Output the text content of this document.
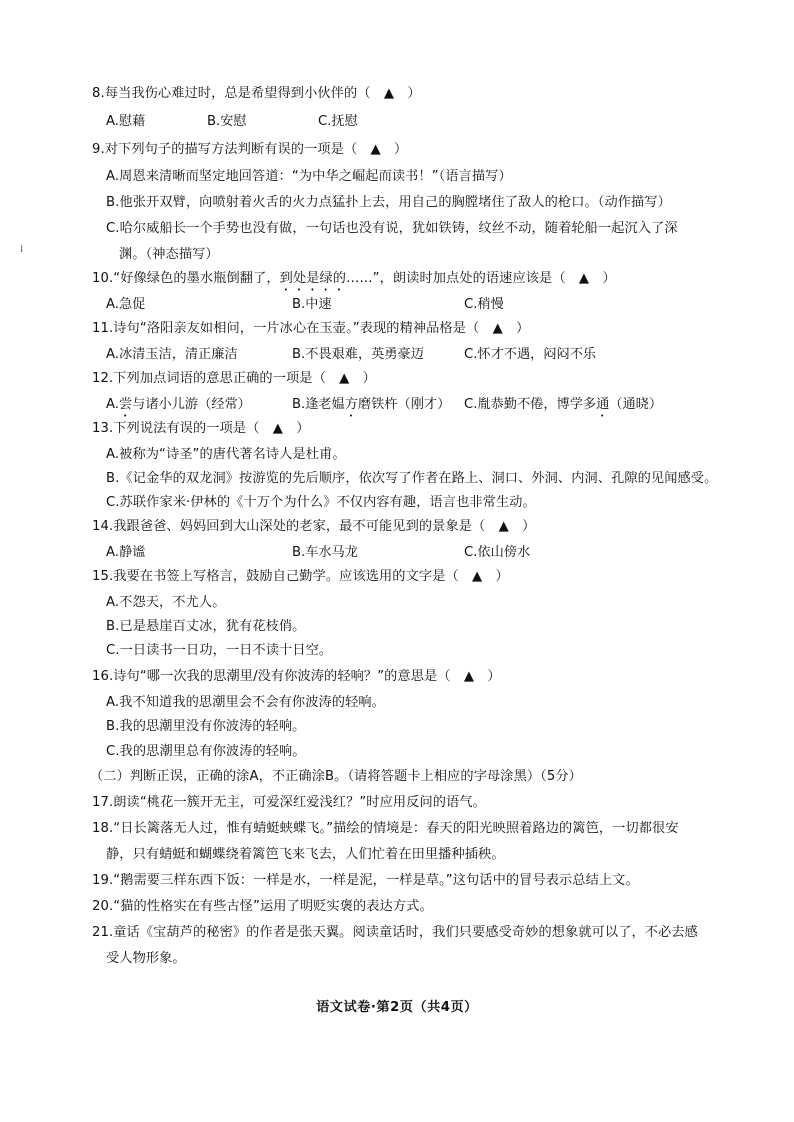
⁞
8.每当我伤心难过时，总是希望得到小伙伴的（　▲　）
A.慰藉	B.安慰	C.抚慰
9.对下列句子的描写方法判断有误的一项是（　▲　）
A.周恩来清晰而坚定地回答道：“为中华之崛起而读书！”（语言描写）
B.他张开双臂，向喷射着火舌的火力点猛扑上去，用自己的胸膛堵住了敌人的枪口。（动作描写）
C.哈尔威船长一个手势也没有做，一句话也没有说，犹如铁铸，纹丝不动，随着轮船一起沉入了深
渊。（神态描写）
10.“好像绿色的墨水瓶倒翻了，到处是绿的……”，朗读时加点处的语速应该是（　▲　）
A.急促	B.中速	C.稍慢
11.诗句“洛阳亲友如相问，一片冰心在玉壶。”表现的精神品格是（　▲　）
A.冰清玉洁，清正廉洁	B.不畏艰难，英勇豪迈	C.怀才不遇，闷闷不乐
12.下列加点词语的意思正确的一项是（　▲　）
A.尝与诸小儿游（经常）	B.逢老媪方磨铁杵（刚才） C.胤恭勤不倦，博学多通（通晓）
13.下列说法有误的一项是（　▲　）
A.被称为“诗圣”的唐代著名诗人是杜甫。
B.《记金华的双龙洞》按游览的先后顺序，依次写了作者在路上、洞口、外洞、内洞、孔隙的见闻感受。
C.苏联作家米·伊林的《十万个为什么》不仅内容有趣，语言也非常生动。
14.我跟爸爸、妈妈回到大山深处的老家，最不可能见到的景象是（　▲　）
A.静谧	B.车水马龙	C.依山傍水
15.我要在书签上写格言，鼓励自己勤学。应该选用的文字是（　▲　）
A.不怨天，不尤人。
B.已是悬崖百丈冰，犹有花枝俏。
C.一日读书一日功，一日不读十日空。
16.诗句“哪一次我的思潮里/没有你波涛的轻响？”的意思是（　▲　）
A.我不知道我的思潮里会不会有你波涛的轻响。
B.我的思潮里没有你波涛的轻响。
C.我的思潮里总有你波涛的轻响。
（二）判断正误，正确的涂A，不正确涂B。（请将答题卡上相应的字母涂黑）（5分）
17.朗读“桃花一簇开无主，可爱深红爱浅红？”时应用反问的语气。
18.“日长篱落无人过，惟有蜻蜓蛱蝶飞。”描绘的情境是：春天的阳光映照着路边的篱笆，一切都很安
静，只有蜻蜓和蝴蝶绕着篱笆飞来飞去，人们忙着在田里播种插秧。
19.“鹅需要三样东西下饭：一样是水，一样是泥，一样是草。”这句话中的冒号表示总结上文。
20.“猫的性格实在有些古怪”运用了明贬实褒的表达方式。
21.童话《宝葫芦的秘密》的作者是张天翼。阅读童话时，我们只要感受奇妙的想象就可以了，不必去感
受人物形象。
语文试卷·第2页（共4页）
